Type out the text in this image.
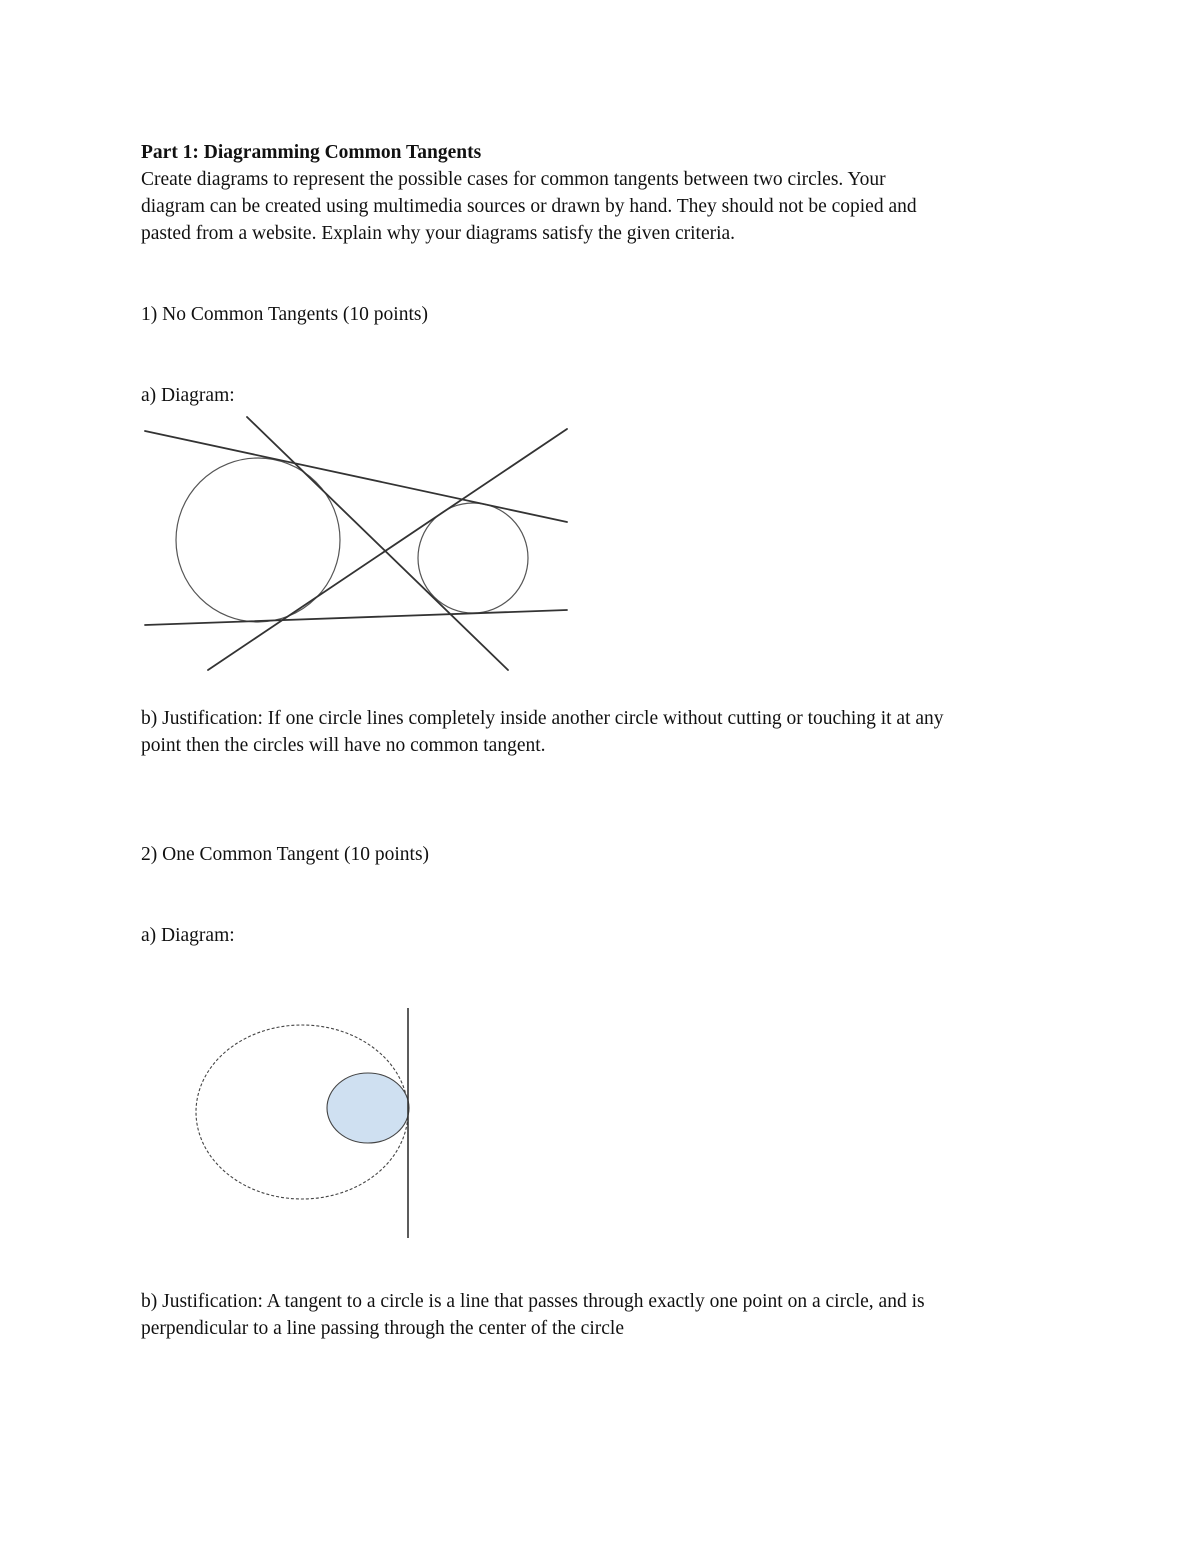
Part 1: Diagramming Common Tangents
Create diagrams to represent the possible cases for common tangents between two circles. Your
diagram can be created using multimedia sources or drawn by hand. They should not be copied and
pasted from a website. Explain why your diagrams satisfy the given criteria.
1) No Common Tangents (10 points)
a) Diagram:
b) Justification: If one circle lines completely inside another circle without cutting or touching it at any
point then the circles will have no common tangent.
2) One Common Tangent (10 points)
a) Diagram:
b) Justification: A tangent to a circle is a line that passes through exactly one point on a circle, and is
perpendicular to a line passing through the center of the circle
